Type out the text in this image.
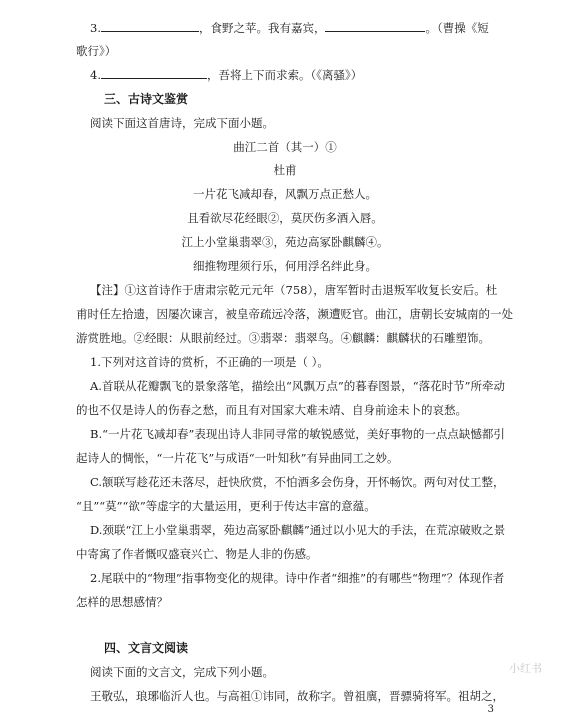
3.	，食野之苹。我有嘉宾，	。（曹操《短
歌行》）
4.	，吾将上下而求索。（《离骚》）
三、古诗文鉴赏
阅读下面这首唐诗，完成下面小题。
曲江二首（其一）①
杜甫
一片花飞减却春，风飘万点正愁人。
且看欲尽花经眼②，莫厌伤多酒入唇。
江上小堂巢翡翠③，苑边高冢卧麒麟④。
细推物理须行乐，何用浮名绊此身。
【注】①这首诗作于唐肃宗乾元元年（758），唐军暂时击退叛军收复长安后。杜
甫时任左拾遗，因屡次谏言，被皇帝疏远冷落，濒遭贬官。曲江，唐朝长安城南的一处
游赏胜地。②经眼：从眼前经过。③翡翠：翡翠鸟。④麒麟：麒麟状的石雕塑饰。
1.下列对这首诗的赏析，不正确的一项是（ ）。
A.首联从花瓣飘飞的景象落笔，描绘出“风飘万点”的暮春图景，“落花时节”所牵动
的也不仅是诗人的伤春之愁，而且有对国家大难未靖、自身前途未卜的哀愁。
B.“一片花飞减却春”表现出诗人非同寻常的敏锐感觉，美好事物的一点点缺憾都引
起诗人的惆怅，“一片花飞”与成语“一叶知秋”有异曲同工之妙。
C.颔联写趁花还未落尽，赶快欣赏，不怕酒多会伤身，开怀畅饮。两句对仗工整，
“且”“莫”“欲”等虚字的大量运用，更利于传达丰富的意蕴。
D.颈联“江上小堂巢翡翠，苑边高冢卧麒麟”通过以小见大的手法，在荒凉破败之景
中寄寓了作者慨叹盛衰兴亡、物是人非的伤感。
2.尾联中的“物理”指事物变化的规律。诗中作者“细推”的有哪些“物理”？体现作者
怎样的思想感情？
四、文言文阅读
阅读下面的文言文，完成下列小题。
王敬弘，琅琊临沂人也。与高祖①讳同，故称字。曾祖廙，晋骠骑将军。祖胡之，
小红书
3
